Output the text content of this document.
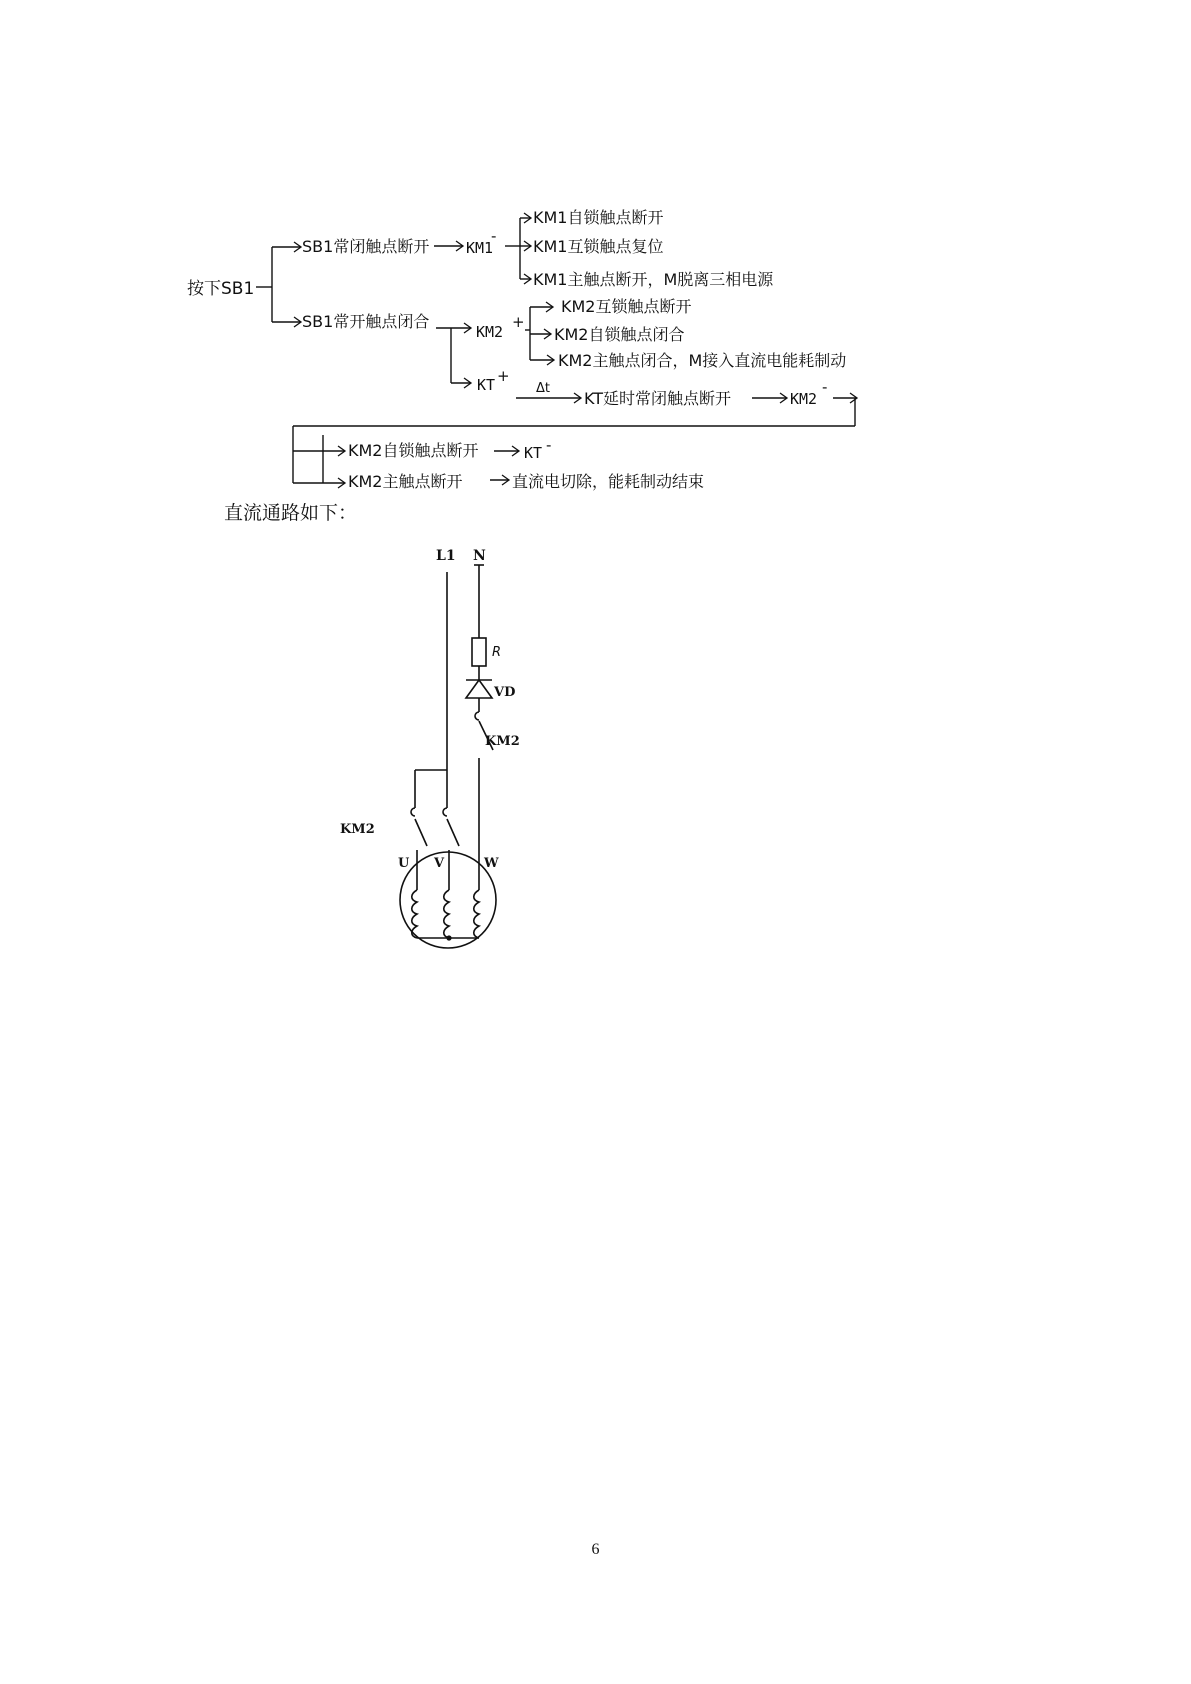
按下SB1
SB1常闭触点断开 KM1
-
KM1自锁触点断开
KM1互锁触点复位
KM1主触点断开，M脱离三相电源
SB1常开触点闭合
KM2
+
KM2互锁触点断开
KM2自锁触点闭合
KM2主触点闭合，M接入直流电能耗制动
KT +
Δt
KT延时常闭触点断开	KM2
-
KM2自锁触点断开	KT -
KM2主触点断开	直流电切除，能耗制动结束
直流通路如下：
L1 N
R
VD
KM2
KM2
U V	W
6
